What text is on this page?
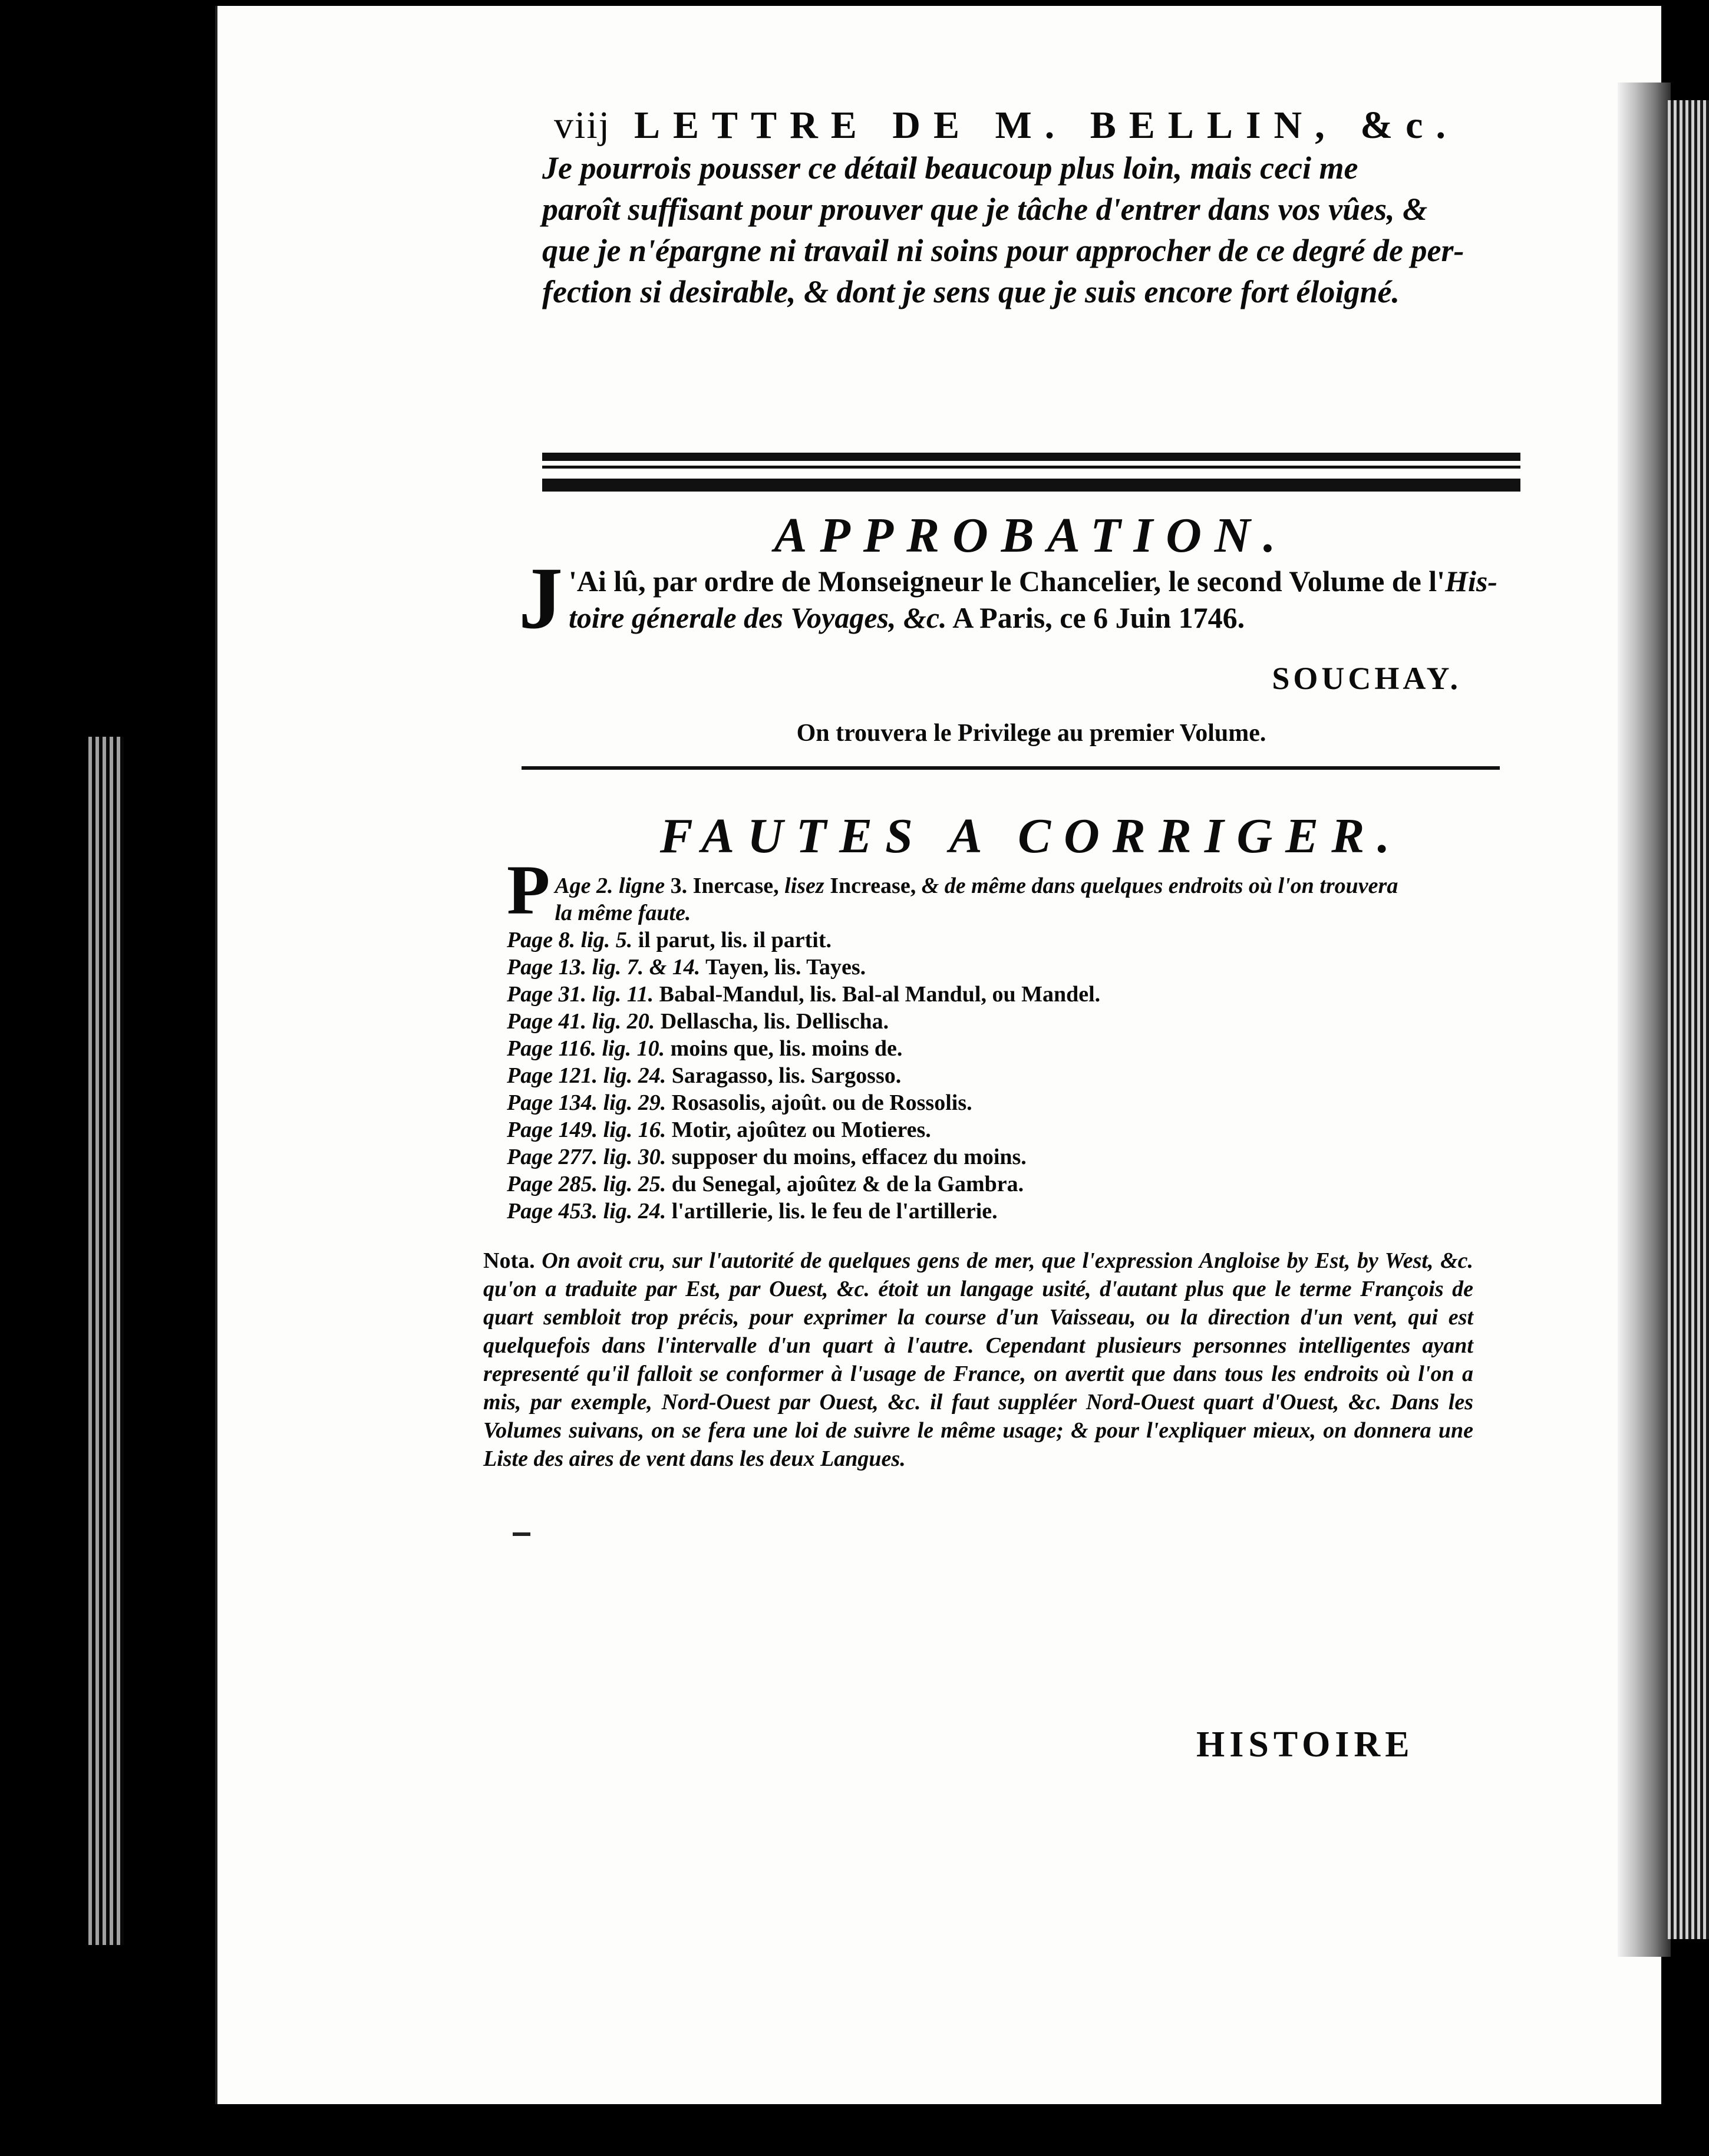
viij LETTRE DE M. BELLIN, &c.
Je pourrois pousser ce détail beaucoup plus loin, mais ceci me
paroît suffisant pour prouver que je tâche d'entrer dans vos vûes, &
que je n'épargne ni travail ni soins pour approcher de ce degré de per-
fection si desirable, & dont je sens que je suis encore fort éloigné.
APPROBATION.
J 'Ai lû, par ordre de Monseigneur le Chancelier, le second Volume de l'His-
toire génerale des Voyages, &c. A Paris, ce 6 Juin 1746.
SOUCHAY.
On trouvera le Privilege au premier Volume.
FAUTES A CORRIGER.
P Age 2. ligne 3. Inercase, lisez Increase, & de même dans quelques endroits où l'on trouvera
la même faute.
Page 8. lig. 5. il parut, lis. il partit.
Page 13. lig. 7. & 14. Tayen, lis. Tayes.
Page 31. lig. 11. Babal-Mandul, lis. Bal-al Mandul, ou Mandel.
Page 41. lig. 20. Dellascha, lis. Dellischa.
Page 116. lig. 10. moins que, lis. moins de.
Page 121. lig. 24. Saragasso, lis. Sargosso.
Page 134. lig. 29. Rosasolis, ajoût. ou de Rossolis.
Page 149. lig. 16. Motir, ajoûtez ou Motieres.
Page 277. lig. 30. supposer du moins, effacez du moins.
Page 285. lig. 25. du Senegal, ajoûtez & de la Gambra.
Page 453. lig. 24. l'artillerie, lis. le feu de l'artillerie.
Nota. On avoit cru, sur l'autorité de quelques gens de mer, que l'expression Angloise by Est, by West, &c. qu'on a traduite par Est, par Ouest, &c. étoit un langage usité, d'autant plus que le terme François de quart sembloit trop précis, pour exprimer la course d'un Vaisseau, ou la direction d'un vent, qui est quelquefois dans l'intervalle d'un quart à l'autre. Cependant plusieurs personnes intelligentes ayant representé qu'il falloit se conformer à l'usage de France, on avertit que dans tous les endroits où l'on a mis, par exemple, Nord-Ouest par Ouest, &c. il faut suppléer Nord-Ouest quart d'Ouest, &c. Dans les Volumes suivans, on se fera une loi de suivre le même usage; & pour l'expliquer mieux, on donnera une Liste des aires de vent dans les deux Langues.
HISTOIRE
